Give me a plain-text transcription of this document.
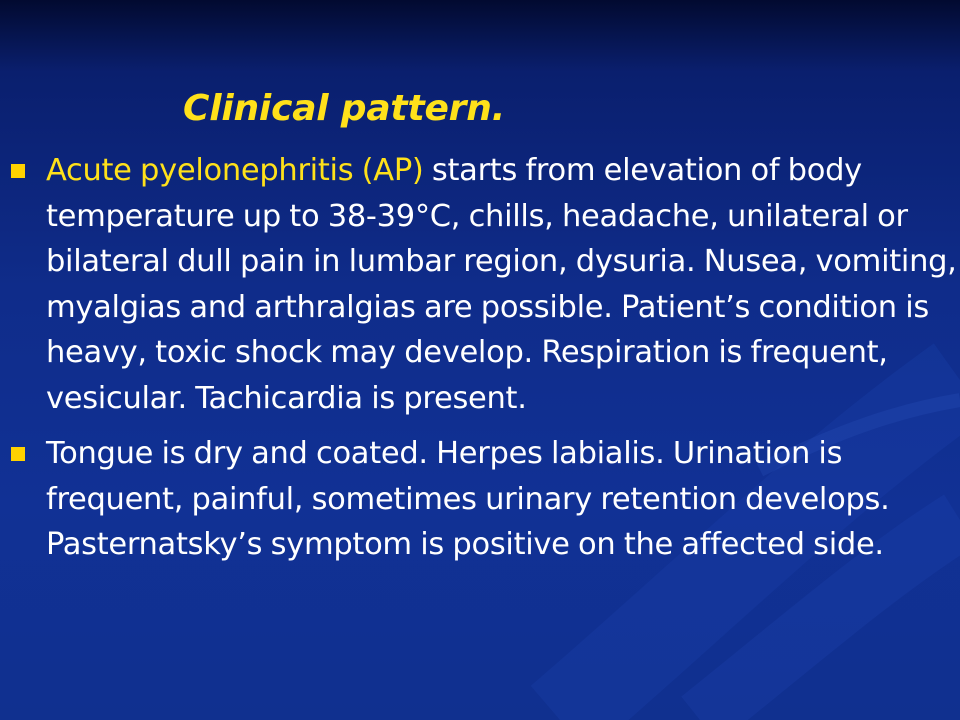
Clinical pattern.
Acute pyelonephritis (AP) starts from elevation of body temperature up to 38-39°C, chills, headache, unilateral or bilateral dull pain in lumbar region, dysuria. Nusea, vomiting, myalgias and arthralgias are possible. Patient’s condition is heavy, toxic shock may develop. Respiration is frequent, vesicular. Tachicardia is present.
Tongue is dry and coated. Herpes labialis. Urination is frequent, painful, sometimes urinary retention develops. Pasternatsky’s symptom is positive on the affected side.
